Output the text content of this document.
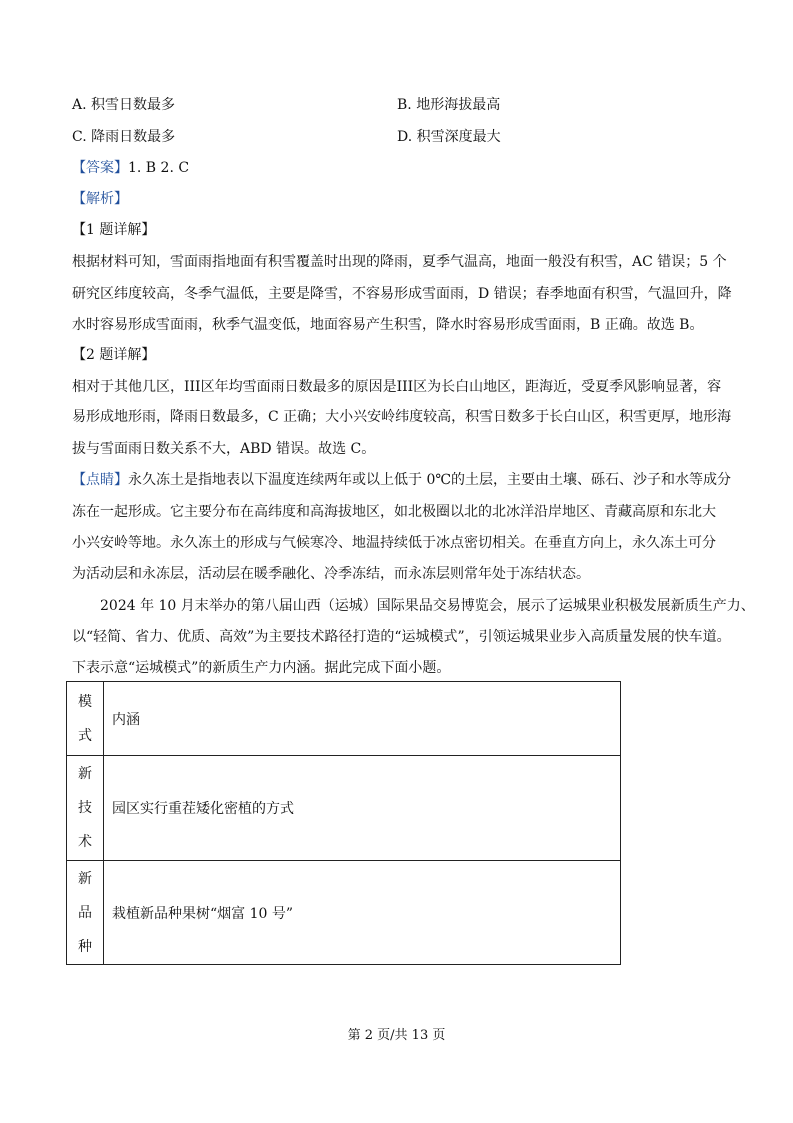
A. 积雪日数最多	B. 地形海拔最高
C. 降雨日数最多	D. 积雪深度最大
【答案】1. B 2. C
【解析】
【1 题详解】
根据材料可知，雪面雨指地面有积雪覆盖时出现的降雨，夏季气温高，地面一般没有积雪，AC 错误；5 个
研究区纬度较高，冬季气温低，主要是降雪，不容易形成雪面雨，D 错误；春季地面有积雪，气温回升，降
水时容易形成雪面雨，秋季气温变低，地面容易产生积雪，降水时容易形成雪面雨，B 正确。故选 B。
【2 题详解】
相对于其他几区，III区年均雪面雨日数最多的原因是III区为长白山地区，距海近，受夏季风影响显著，容
易形成地形雨，降雨日数最多，C 正确；大小兴安岭纬度较高，积雪日数多于长白山区，积雪更厚，地形海
拔与雪面雨日数关系不大，ABD 错误。故选 C。
【点睛】永久冻土是指地表以下温度连续两年或以上低于 0℃的土层，主要由土壤、砾石、沙子和水等成分
冻在一起形成。它主要分布在高纬度和高海拔地区，如北极圈以北的北冰洋沿岸地区、青藏高原和东北大
小兴安岭等地。永久冻土的形成与气候寒冷、地温持续低于冰点密切相关。在垂直方向上，永久冻土可分
为活动层和永冻层，活动层在暖季融化、冷季冻结，而永冻层则常年处于冻结状态。
2024 年 10 月末举办的第八届山西（运城）国际果品交易博览会，展示了运城果业积极发展新质生产力、
以“轻简、省力、优质、高效”为主要技术路径打造的“运城模式”，引领运城果业步入高质量发展的快车道。
下表示意“运城模式”的新质生产力内涵。据此完成下面小题。
模
式	内涵

新
技
术	园区实行重茬矮化密植的方式

新
品
种	栽植新品种果树“烟富 10 号”
第 2 页/共 13 页
